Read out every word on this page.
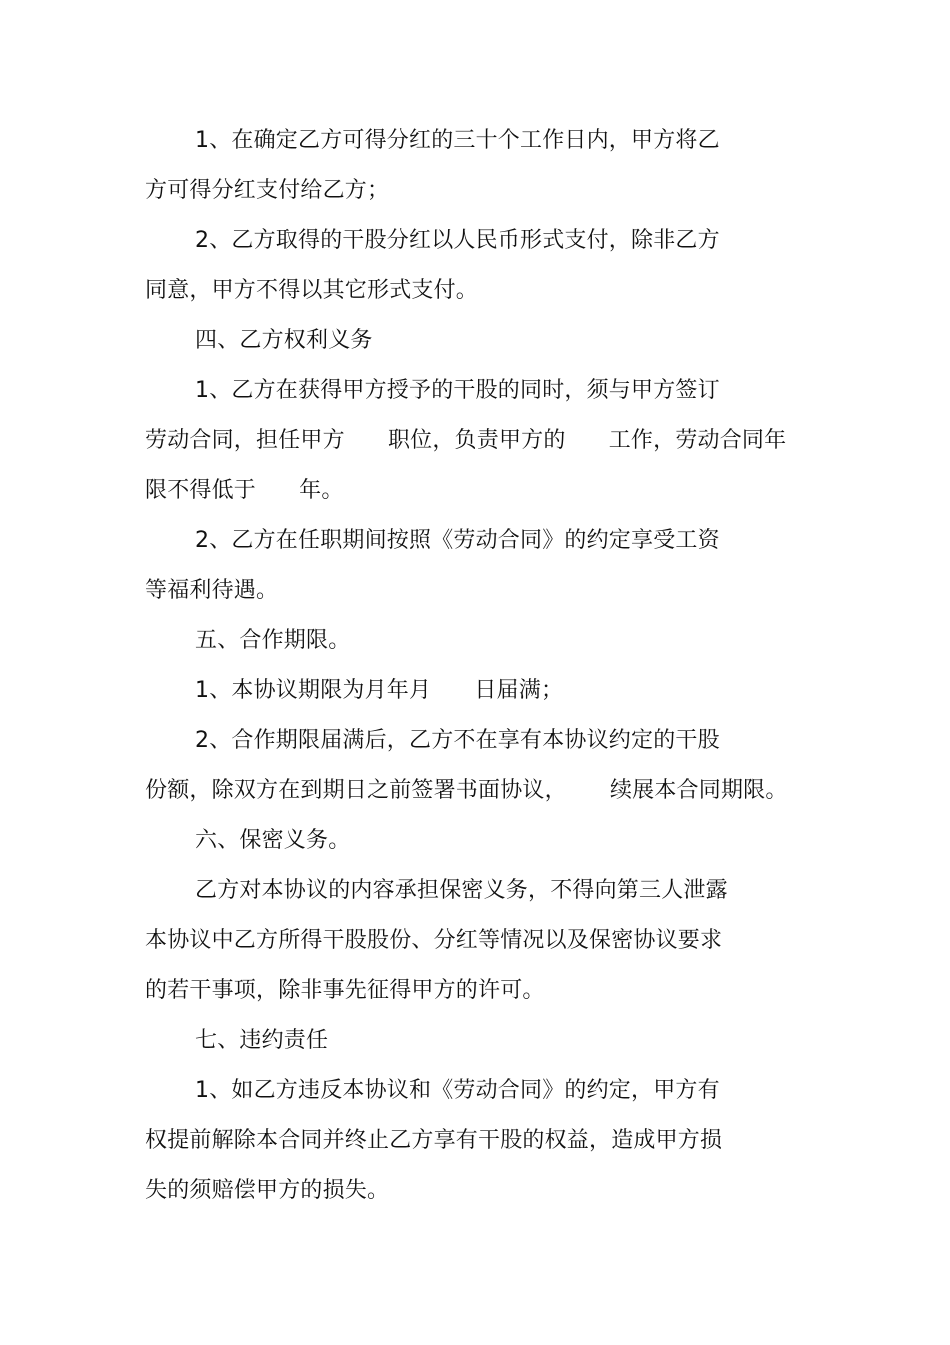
1、在确定乙方可得分红的三十个工作日内，甲方将乙
方可得分红支付给乙方；
2、乙方取得的干股分红以人民币形式支付，除非乙方
同意，甲方不得以其它形式支付。
四、乙方权利义务
1、乙方在获得甲方授予的干股的同时，须与甲方签订
劳动合同，担任甲方      职位，负责甲方的      工作，劳动合同年
限不得低于      年。
2、乙方在任职期间按照《劳动合同》的约定享受工资
等福利待遇。
五、合作期限。
1、本协议期限为月年月      日届满；
2、合作期限届满后，乙方不在享有本协议约定的干股
份额，除双方在到期日之前签署书面协议，      续展本合同期限。
六、保密义务。
乙方对本协议的内容承担保密义务，不得向第三人泄露
本协议中乙方所得干股股份、分红等情况以及保密协议要求
的若干事项，除非事先征得甲方的许可。
七、违约责任
1、如乙方违反本协议和《劳动合同》的约定，甲方有
权提前解除本合同并终止乙方享有干股的权益，造成甲方损
失的须赔偿甲方的损失。
